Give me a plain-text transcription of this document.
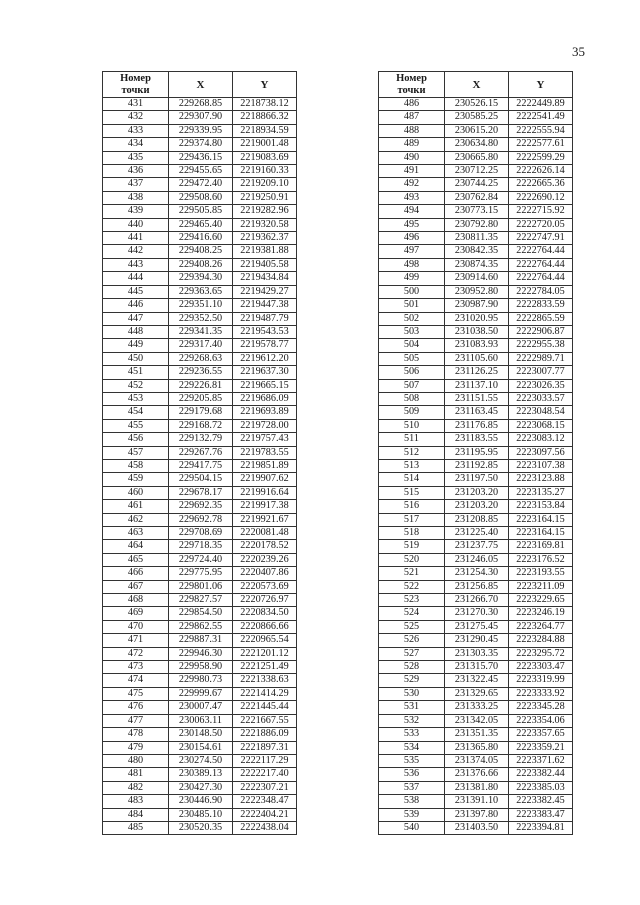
35
Номер
точки	X	Y
431	229268.85	2218738.12
432	229307.90	2218866.32
433	229339.95	2218934.59
434	229374.80	2219001.48
435	229436.15	2219083.69
436	229455.65	2219160.33
437	229472.40	2219209.10
438	229508.60	2219250.91
439	229505.85	2219282.96
440	229465.40	2219320.58
441	229416.60	2219362.37
442	229408.25	2219381.88
443	229408.26	2219405.58
444	229394.30	2219434.84
445	229363.65	2219429.27
446	229351.10	2219447.38
447	229352.50	2219487.79
448	229341.35	2219543.53
449	229317.40	2219578.77
450	229268.63	2219612.20
451	229236.55	2219637.30
452	229226.81	2219665.15
453	229205.85	2219686.09
454	229179.68	2219693.89
455	229168.72	2219728.00
456	229132.79	2219757.43
457	229267.76	2219783.55
458	229417.75	2219851.89
459	229504.15	2219907.62
460	229678.17	2219916.64
461	229692.35	2219917.38
462	229692.78	2219921.67
463	229708.69	2220081.48
464	229718.35	2220178.52
465	229724.40	2220239.26
466	229775.95	2220407.86
467	229801.06	2220573.69
468	229827.57	2220726.97
469	229854.50	2220834.50
470	229862.55	2220866.66
471	229887.31	2220965.54
472	229946.30	2221201.12
473	229958.90	2221251.49
474	229980.73	2221338.63
475	229999.67	2221414.29
476	230007.47	2221445.44
477	230063.11	2221667.55
478	230148.50	2221886.09
479	230154.61	2221897.31
480	230274.50	2222117.29
481	230389.13	2222217.40
482	230427.30	2222307.21
483	230446.90	2222348.47
484	230485.10	2222404.21
485	230520.35	2222438.04
Номер
точки	X	Y
486	230526.15	2222449.89
487	230585.25	2222541.49
488	230615.20	2222555.94
489	230634.80	2222577.61
490	230665.80	2222599.29
491	230712.25	2222626.14
492	230744.25	2222665.36
493	230762.84	2222690.12
494	230773.15	2222715.92
495	230792.80	2222720.05
496	230811.35	2222747.91
497	230842.35	2222764.44
498	230874.35	2222764.44
499	230914.60	2222764.44
500	230952.80	2222784.05
501	230987.90	2222833.59
502	231020.95	2222865.59
503	231038.50	2222906.87
504	231083.93	2222955.38
505	231105.60	2222989.71
506	231126.25	2223007.77
507	231137.10	2223026.35
508	231151.55	2223033.57
509	231163.45	2223048.54
510	231176.85	2223068.15
511	231183.55	2223083.12
512	231195.95	2223097.56
513	231192.85	2223107.38
514	231197.50	2223123.88
515	231203.20	2223135.27
516	231203.20	2223153.84
517	231208.85	2223164.15
518	231225.40	2223164.15
519	231237.75	2223169.81
520	231246.05	2223176.52
521	231254.30	2223193.55
522	231256.85	2223211.09
523	231266.70	2223229.65
524	231270.30	2223246.19
525	231275.45	2223264.77
526	231290.45	2223284.88
527	231303.35	2223295.72
528	231315.70	2223303.47
529	231322.45	2223319.99
530	231329.65	2223333.92
531	231333.25	2223345.28
532	231342.05	2223354.06
533	231351.35	2223357.65
534	231365.80	2223359.21
535	231374.05	2223371.62
536	231376.66	2223382.44
537	231381.80	2223385.03
538	231391.10	2223382.45
539	231397.80	2223383.47
540	231403.50	2223394.81
